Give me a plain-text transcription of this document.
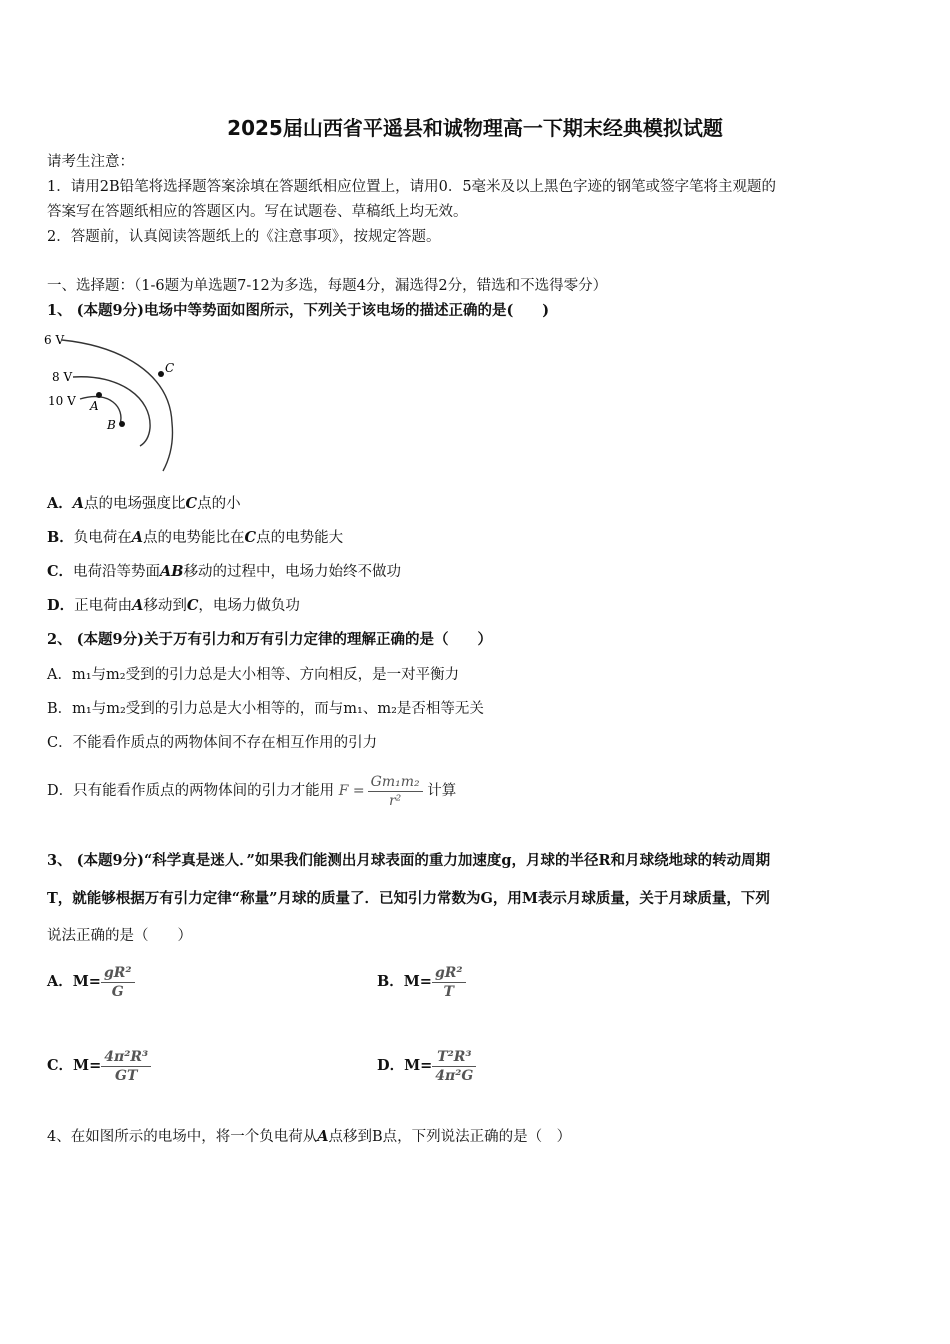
2025届山西省平遥县和诚物理高一下期末经典模拟试题
请考生注意：
1．请用2B铅笔将选择题答案涂填在答题纸相应位置上，请用0．5毫米及以上黑色字迹的钢笔或签字笔将主观题的
答案写在答题纸相应的答题区内。写在试题卷、草稿纸上均无效。
2．答题前，认真阅读答题纸上的《注意事项》，按规定答题。
一、选择题：（1-6题为单选题7-12为多选，每题4分，漏选得2分，错选和不选得零分）
1、 (本题9分)电场中等势面如图所示，下列关于该电场的描述正确的是(　　)
6 V
8 V
10 V A
B
C
A．A点的电场强度比C点的小
B．负电荷在A点的电势能比在C点的电势能大
C．电荷沿等势面AB移动的过程中，电场力始终不做功
D．正电荷由A移动到C，电场力做负功
2、 (本题9分)关于万有引力和万有引力定律的理解正确的是（　　）
A．m₁与m₂受到的引力总是大小相等、方向相反，是一对平衡力
B．m₁与m₂受到的引力总是大小相等的，而与m₁、m₂是否相等无关
C．不能看作质点的两物体间不存在相互作用的引力
D．只有能看作质点的两物体间的引力才能用 $F = \frac{\text{Gm₁m₂}}{\text{r²}}$ 计算
3、 (本题9分)“科学真是迷人．”如果我们能测出月球表面的重力加速度g，月球的半径R和月球绕地球的转动周期
T，就能够根据万有引力定律“称量”月球的质量了．已知引力常数为G，用M表示月球质量，关于月球质量，下列
说法正确的是（　　）
A．$M= \frac{\text{gR²}}{G}$	B．$M= \frac{\text{gR²}}{T}$
C．$M= \frac{\text{4π²R³}}{GT}$	D．$M= \frac{\text{T²R³}}{\text{4π²G}}$
4、在如图所示的电场中，将一个负电荷从A点移到B点，下列说法正确的是（　）
